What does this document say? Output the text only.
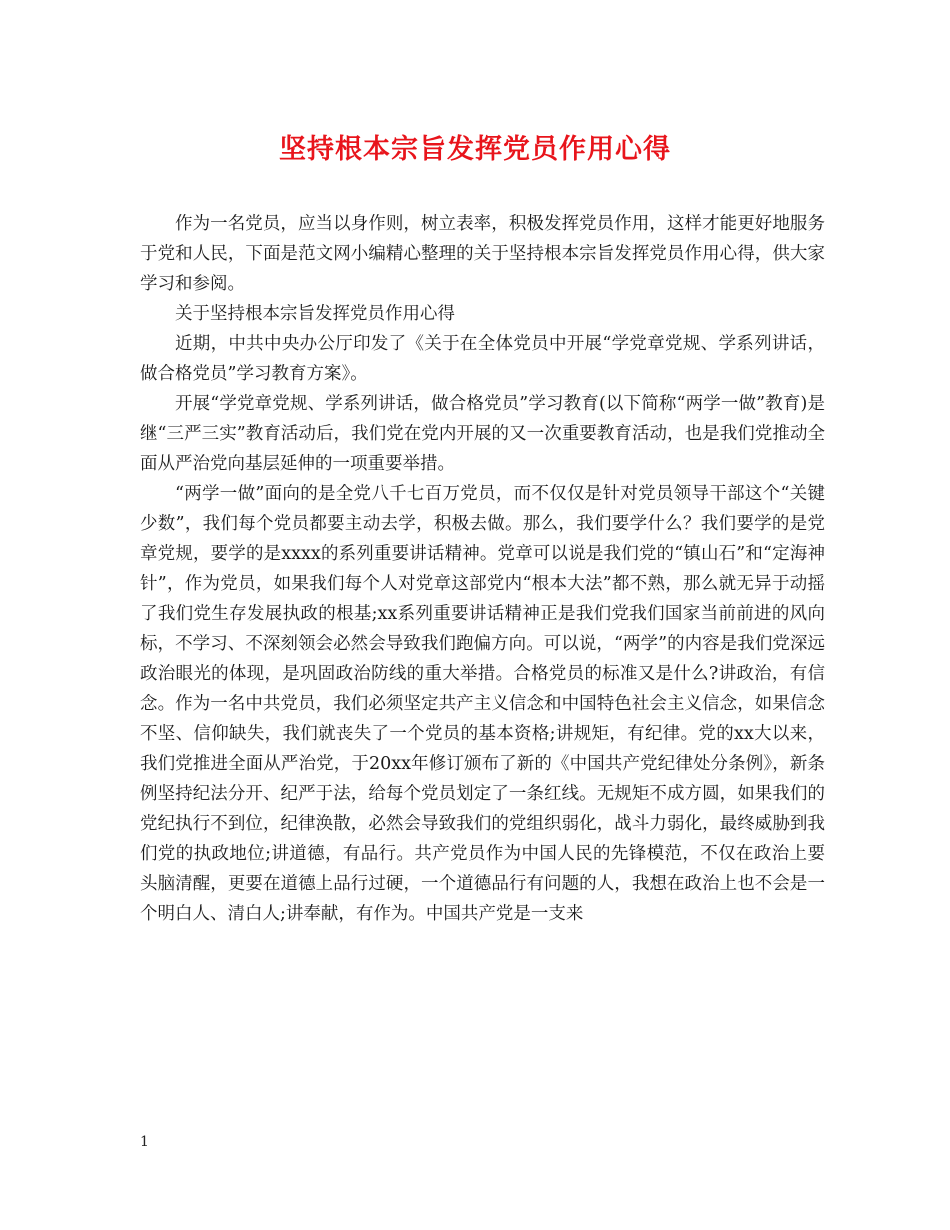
坚持根本宗旨发挥党员作用心得

作为一名党员，应当以身作则，树立表率，积极发挥党员作用，这样才能更好地服务于党和人民，下面是范文网小编精心整理的关于坚持根本宗旨发挥党员作用心得，供大家学习和参阅。

关于坚持根本宗旨发挥党员作用心得

近期，中共中央办公厅印发了《关于在全体党员中开展“学党章党规、学系列讲话，做合格党员”学习教育方案》。

开展“学党章党规、学系列讲话，做合格党员”学习教育(以下简称“两学一做”教育)是继“三严三实”教育活动后，我们党在党内开展的又一次重要教育活动，也是我们党推动全面从严治党向基层延伸的一项重要举措。

“两学一做”面向的是全党八千七百万党员，而不仅仅是针对党员领导干部这个“关键少数”，我们每个党员都要主动去学，积极去做。那么，我们要学什么？我们要学的是党章党规，要学的是xxxx的系列重要讲话精神。党章可以说是我们党的“镇山石”和“定海神针”，作为党员，如果我们每个人对党章这部党内“根本大法”都不熟，那么就无异于动摇了我们党生存发展执政的根基;xx系列重要讲话精神正是我们党我们国家当前前进的风向标，不学习、不深刻领会必然会导致我们跑偏方向。可以说，“两学”的内容是我们党深远政治眼光的体现，是巩固政治防线的重大举措。合格党员的标准又是什么?讲政治，有信念。作为一名中共党员，我们必须坚定共产主义信念和中国特色社会主义信念，如果信念不坚、信仰缺失，我们就丧失了一个党员的基本资格;讲规矩，有纪律。党的xx大以来，我们党推进全面从严治党，于20xx年修订颁布了新的《中国共产党纪律处分条例》，新条例坚持纪法分开、纪严于法，给每个党员划定了一条红线。无规矩不成方圆，如果我们的党纪执行不到位，纪律涣散，必然会导致我们的党组织弱化，战斗力弱化，最终威胁到我们党的执政地位;讲道德，有品行。共产党员作为中国人民的先锋模范，不仅在政治上要头脑清醒，更要在道德上品行过硬，一个道德品行有问题的人，我想在政治上也不会是一个明白人、清白人;讲奉献，有作为。中国共产党是一支来

1
